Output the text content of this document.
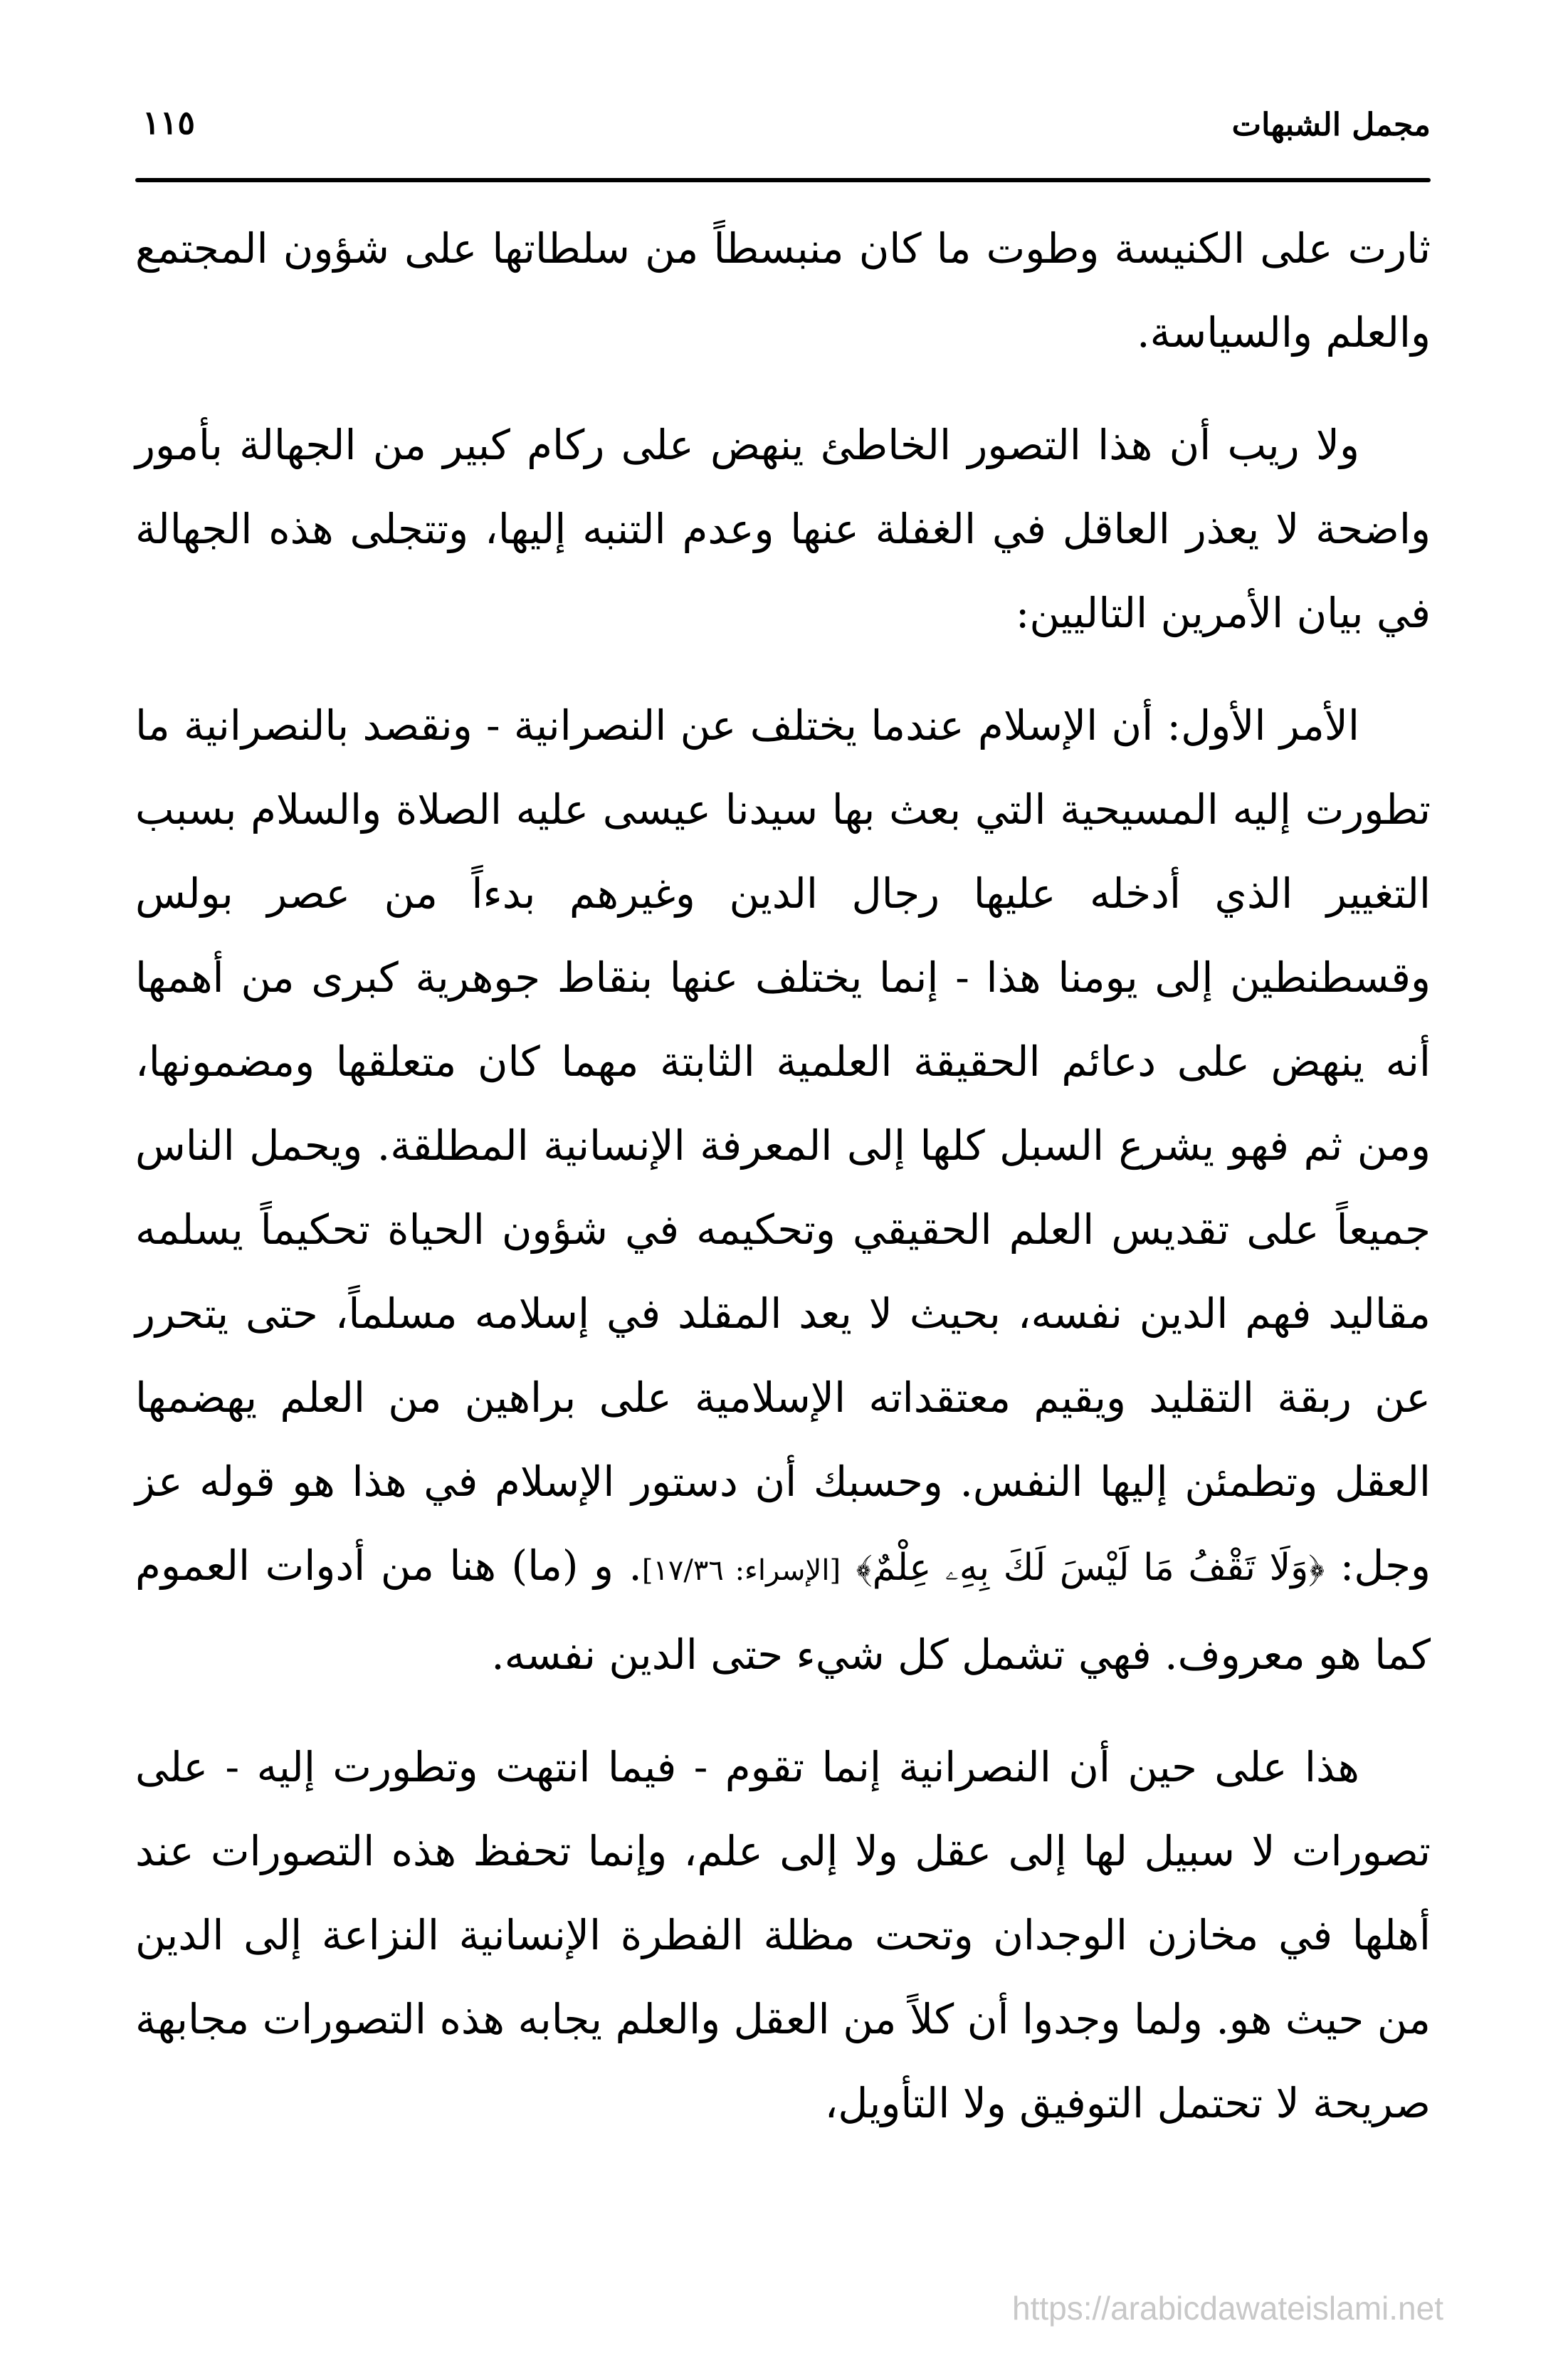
مجمل الشبهات
١١٥

ثارت على الكنيسة وطوت ما كان منبسطاً من سلطاتها على شؤون المجتمع والعلم والسياسة.

ولا ريب أن هذا التصور الخاطئ ينهض على ركام كبير من الجهالة بأمور واضحة لا يعذر العاقل في الغفلة عنها وعدم التنبه إليها، وتتجلى هذه الجهالة في بيان الأمرين التاليين:

الأمر الأول: أن الإسلام عندما يختلف عن النصرانية - ونقصد بالنصرانية ما تطورت إليه المسيحية التي بعث بها سيدنا عيسى عليه الصلاة والسلام بسبب التغيير الذي أدخله عليها رجال الدين وغيرهم بدءاً من عصر بولس وقسطنطين إلى يومنا هذا - إنما يختلف عنها بنقاط جوهرية كبرى من أهمها أنه ينهض على دعائم الحقيقة العلمية الثابتة مهما كان متعلقها ومضمونها، ومن ثم فهو يشرع السبل كلها إلى المعرفة الإنسانية المطلقة. ويحمل الناس جميعاً على تقديس العلم الحقيقي وتحكيمه في شؤون الحياة تحكيماً يسلمه مقاليد فهم الدين نفسه، بحيث لا يعد المقلد في إسلامه مسلماً، حتى يتحرر عن ربقة التقليد ويقيم معتقداته الإسلامية على براهين من العلم يهضمها العقل وتطمئن إليها النفس. وحسبك أن دستور الإسلام في هذا هو قوله عز وجل: ﴿وَلَا تَقْفُ مَا لَيْسَ لَكَ بِهِۦ عِلْمٌ﴾ [الإسراء: ١٧/٣٦]. و (ما) هنا من أدوات العموم كما هو معروف. فهي تشمل كل شيء حتى الدين نفسه.

هذا على حين أن النصرانية إنما تقوم - فيما انتهت وتطورت إليه - على تصورات لا سبيل لها إلى عقل ولا إلى علم، وإنما تحفظ هذه التصورات عند أهلها في مخازن الوجدان وتحت مظلة الفطرة الإنسانية النزاعة إلى الدين من حيث هو. ولما وجدوا أن كلاً من العقل والعلم يجابه هذه التصورات مجابهة صريحة لا تحتمل التوفيق ولا التأويل،

https://arabicdawateislami.net
